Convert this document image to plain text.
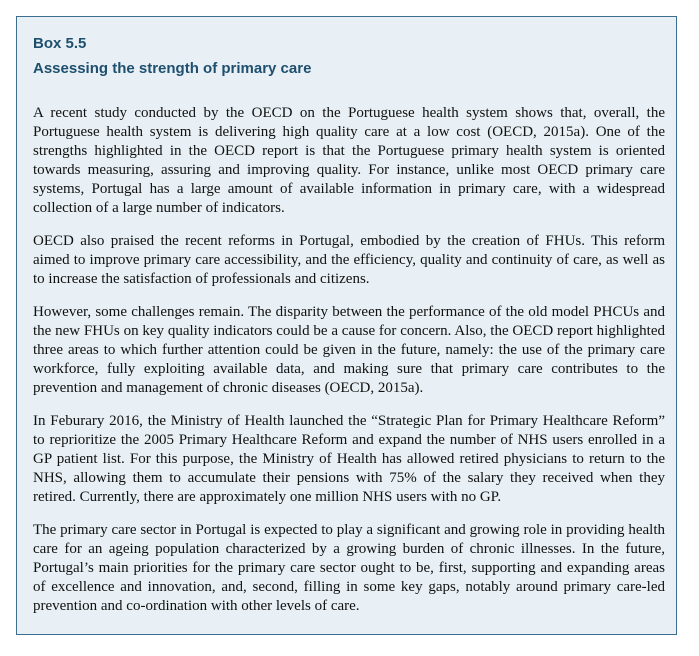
Box 5.5
Assessing the strength of primary care

A recent study conducted by the OECD on the Portuguese health system shows that, overall, the Portuguese health system is delivering high quality care at a low cost (OECD, 2015a). One of the strengths highlighted in the OECD report is that the Portuguese primary health system is oriented towards measuring, assuring and improving quality. For instance, unlike most OECD primary care systems, Portugal has a large amount of available information in primary care, with a widespread collection of a large number of indicators.

OECD also praised the recent reforms in Portugal, embodied by the creation of FHUs. This reform aimed to improve primary care accessibility, and the efficiency, quality and continuity of care, as well as to increase the satisfaction of professionals and citizens.

However, some challenges remain. The disparity between the performance of the old model PHCUs and the new FHUs on key quality indicators could be a cause for concern. Also, the OECD report highlighted three areas to which further attention could be given in the future, namely: the use of the primary care workforce, fully exploiting available data, and making sure that primary care contributes to the prevention and management of chronic diseases (OECD, 2015a).

In Feburary 2016, the Ministry of Health launched the “Strategic Plan for Primary Healthcare Reform” to reprioritize the 2005 Primary Healthcare Reform and expand the number of NHS users enrolled in a GP patient list. For this purpose, the Ministry of Health has allowed retired physicians to return to the NHS, allowing them to accumulate their pensions with 75% of the salary they received when they retired. Currently, there are approximately one million NHS users with no GP.

The primary care sector in Portugal is expected to play a significant and growing role in providing health care for an ageing population characterized by a growing burden of chronic illnesses. In the future, Portugal’s main priorities for the primary care sector ought to be, first, supporting and expanding areas of excellence and innovation, and, second, filling in some key gaps, notably around primary care-led prevention and co-ordination with other levels of care.
